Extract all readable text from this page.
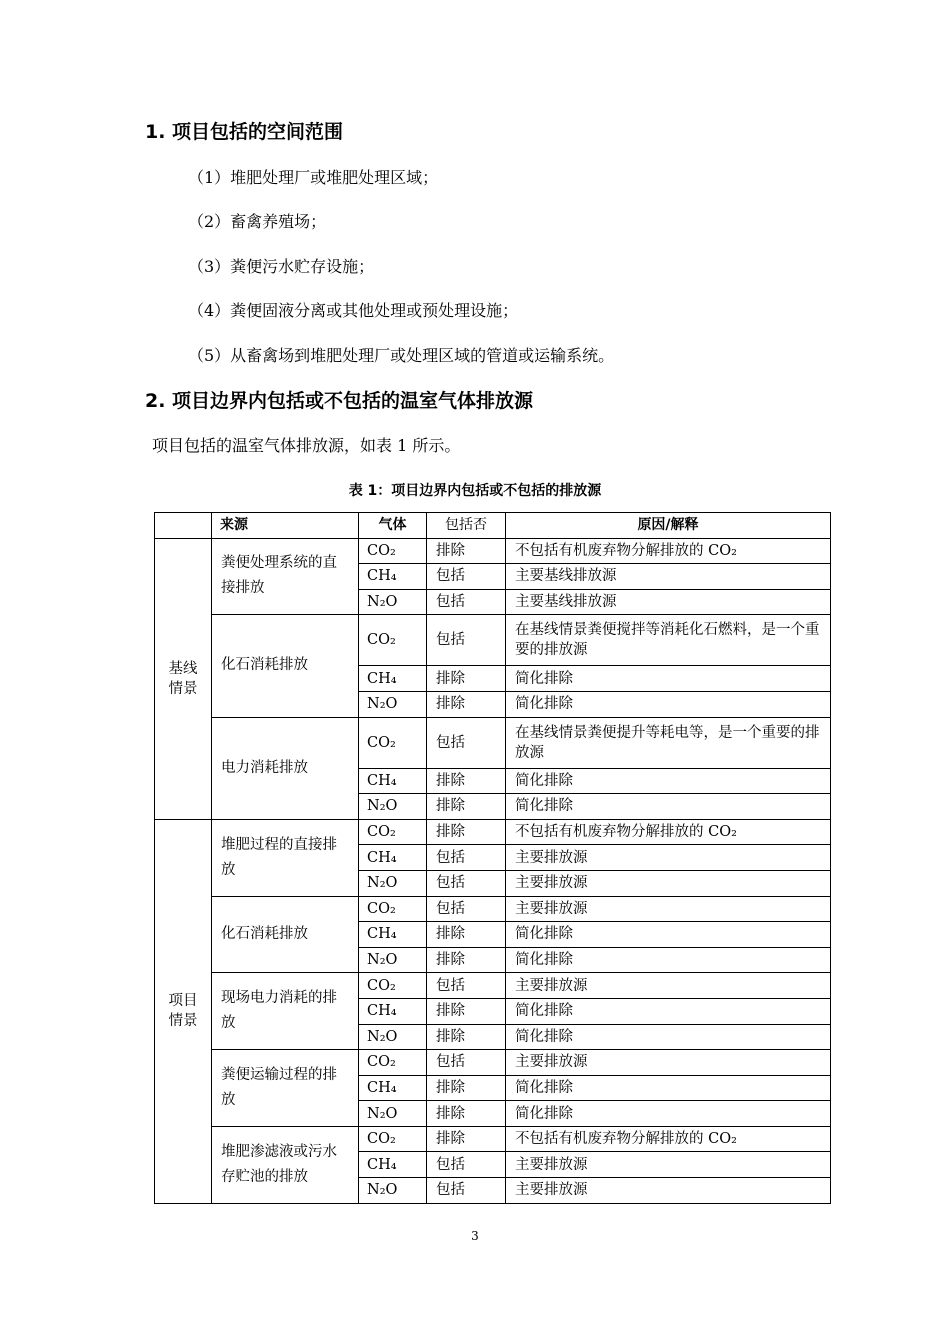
1. 项目包括的空间范围
（1）堆肥处理厂或堆肥处理区域；
（2）畜禽养殖场；
（3）粪便污水贮存设施；
（4）粪便固液分离或其他处理或预处理设施；
（5）从畜禽场到堆肥处理厂或处理区域的管道或运输系统。
2. 项目边界内包括或不包括的温室气体排放源
项目包括的温室气体排放源，如表 1 所示。
表 1：项目边界内包括或不包括的排放源
	来源	气体	包括否	原因/解释

基线情景	粪便处理系统的直接排放	CO₂	排除	不包括有机废弃物分解排放的 CO₂
		CH₄	包括	主要基线排放源
		N₂O	包括	主要基线排放源

	化石消耗排放	CO₂	包括	在基线情景粪便搅拌等消耗化石燃料，是一个重要的排放源
		CH₄	排除	简化排除
		N₂O	排除	简化排除

	电力消耗排放	CO₂	包括	在基线情景粪便提升等耗电等，是一个重要的排放源
		CH₄	排除	简化排除
		N₂O	排除	简化排除

项目情景	堆肥过程的直接排放	CO₂	排除	不包括有机废弃物分解排放的 CO₂
		CH₄	包括	主要排放源
		N₂O	包括	主要排放源

	化石消耗排放	CO₂	包括	主要排放源
		CH₄	排除	简化排除
		N₂O	排除	简化排除

	现场电力消耗的排放	CO₂	包括	主要排放源
		CH₄	排除	简化排除
		N₂O	排除	简化排除

	粪便运输过程的排放	CO₂	包括	主要排放源
		CH₄	排除	简化排除
		N₂O	排除	简化排除

	堆肥渗滤液或污水存贮池的排放	CO₂	排除	不包括有机废弃物分解排放的 CO₂
		CH₄	包括	主要排放源
		N₂O	包括	主要排放源
3
